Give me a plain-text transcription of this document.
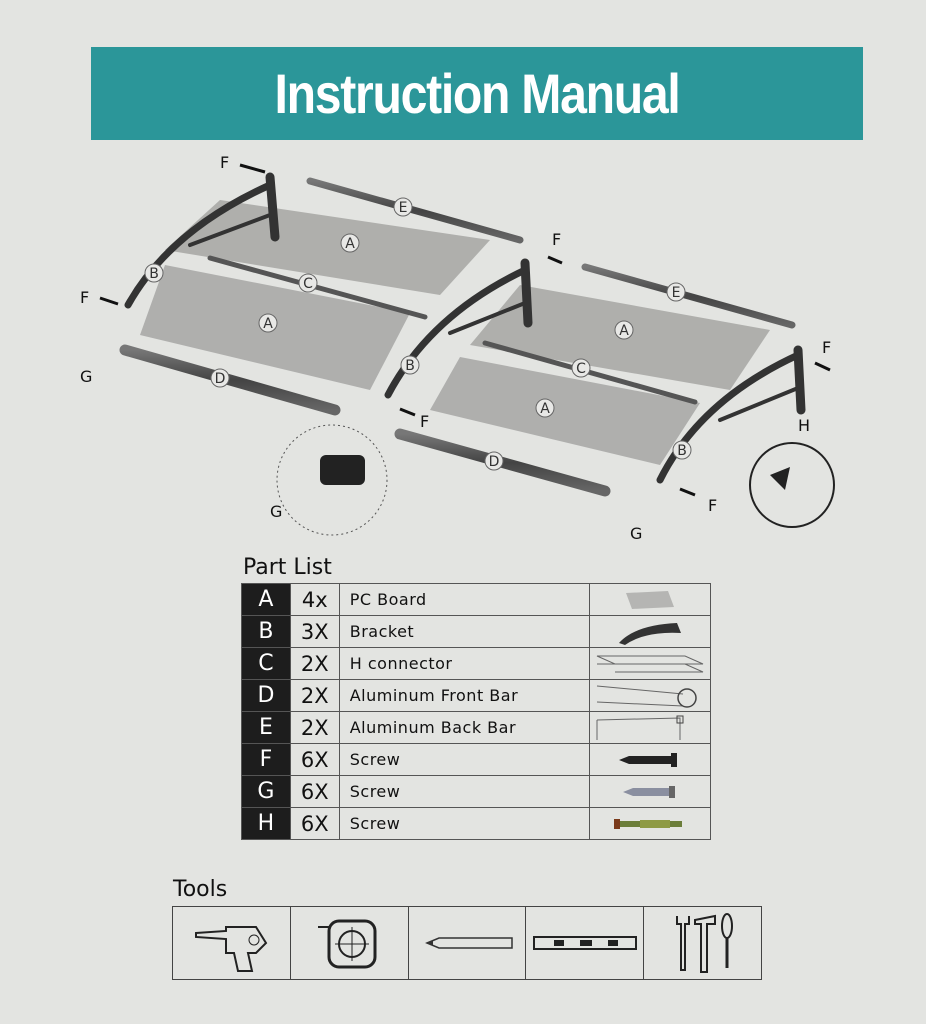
Instruction Manual
A
A	A
A
B
B
B
C
C
D
D
E
E
F
F
F
F
F
F
G
G
G
H
Part List
A	4x	PC Board	

B	3X	Bracket	

C	2X	H connector	

D	2X	Aluminum Front Bar	

E	2X	Aluminum Back Bar	

F	6X	Screw	

G	6X	Screw	

H	6X	Screw	
Tools
